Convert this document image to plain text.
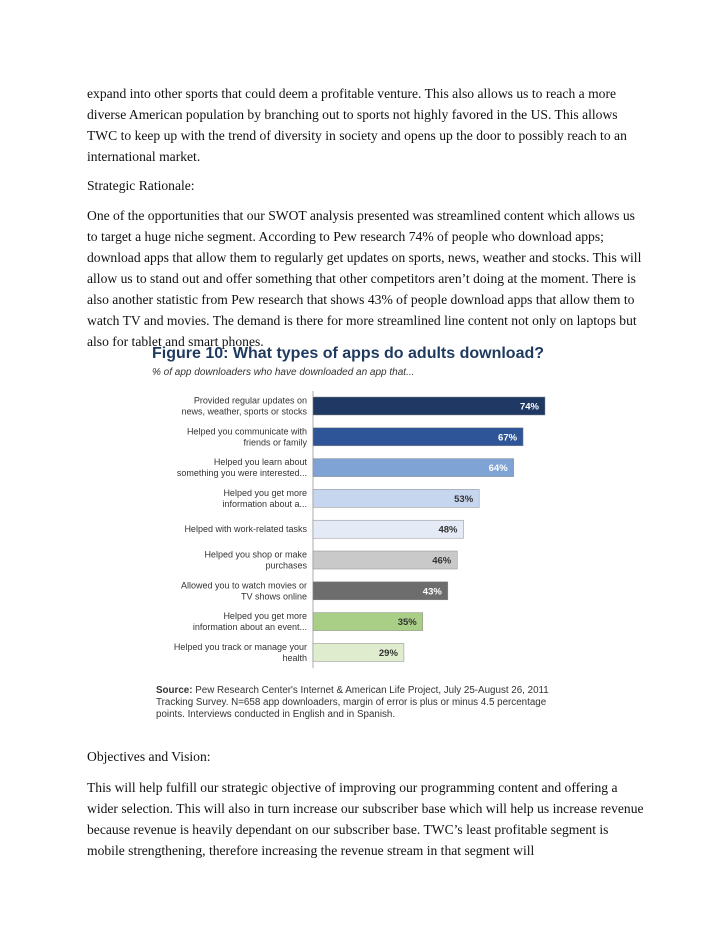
expand into other sports that could deem a profitable venture. This also allows us to reach a more diverse American population by branching out to sports not highly favored in the US. This allows TWC to keep up with the trend of diversity in society and opens up the door to possibly reach to an international market.

Strategic Rationale:

One of the opportunities that our SWOT analysis presented was streamlined content which allows us to target a huge niche segment. According to Pew research 74% of people who download apps; download apps that allow them to regularly get updates on sports, news, weather and stocks. This will allow us to stand out and offer something that other competitors aren’t doing at the moment. There is also another statistic from Pew research that shows 43% of people download apps that allow them to watch TV and movies. The demand is there for more streamlined line content not only on laptops but also for tablet and smart phones.

Figure 10: What types of apps do adults download?
% of app downloaders who have downloaded an app that...
74%
Provided regular updates on
news, weather, sports or stocks
67%
Helped you communicate with
friends or family
64%
Helped you learn about
something you were interested...
53%
Helped you get more
information about a...
48%
Helped with work-related tasks
46%
Helped you shop or make
purchases
43%
Allowed you to watch movies or
TV shows online
35%
Helped you get more
information about an event...
29%
Helped you track or manage your
health
Source: Pew Research Center's Internet & American Life Project, July 25-August 26, 2011 Tracking Survey. N=658 app downloaders, margin of error is plus or minus 4.5 percentage points. Interviews conducted in English and in Spanish.

Objectives and Vision:

This will help fulfill our strategic objective of improving our programming content and offering a wider selection. This will also in turn increase our subscriber base which will help us increase revenue because revenue is heavily dependant on our subscriber base. TWC’s least profitable segment is mobile strengthening, therefore increasing the revenue stream in that segment will
